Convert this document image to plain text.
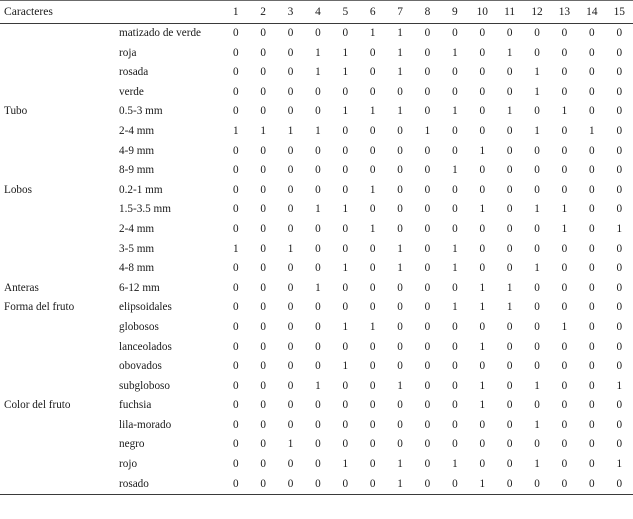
Caracteres		1	2	3	4	5	6	7	8	9	10	11	12	13	14	15
	matizado de verde	0	0	0	0	0	1	1	0	0	0	0	0	0	0	0
	roja	0	0	0	1	1	0	1	0	1	0	1	0	0	0	0
	rosada	0	0	0	1	1	0	1	0	0	0	0	1	0	0	0
	verde	0	0	0	0	0	0	0	0	0	0	0	1	0	0	0
Tubo	0.5-3 mm	0	0	0	0	1	1	1	0	1	0	1	0	1	0	0
	2-4 mm	1	1	1	1	0	0	0	1	0	0	0	1	0	1	0
	4-9 mm	0	0	0	0	0	0	0	0	0	1	0	0	0	0	0
	8-9 mm	0	0	0	0	0	0	0	0	1	0	0	0	0	0	0
Lobos	0.2-1 mm	0	0	0	0	0	1	0	0	0	0	0	0	0	0	0
	1.5-3.5 mm	0	0	0	1	1	0	0	0	0	1	0	1	1	0	0
	2-4 mm	0	0	0	0	0	1	0	0	0	0	0	0	1	0	1
	3-5 mm	1	0	1	0	0	0	1	0	1	0	0	0	0	0	0
	4-8 mm	0	0	0	0	1	0	1	0	1	0	0	1	0	0	0
Anteras	6-12 mm	0	0	0	1	0	0	0	0	0	1	1	0	0	0	0
Forma del fruto	elipsoidales	0	0	0	0	0	0	0	0	1	1	1	0	0	0	0
	globosos	0	0	0	0	1	1	0	0	0	0	0	0	1	0	0
	lanceolados	0	0	0	0	0	0	0	0	0	1	0	0	0	0	0
	obovados	0	0	0	0	1	0	0	0	0	0	0	0	0	0	0
	subgloboso	0	0	0	1	0	0	1	0	0	1	0	1	0	0	1
Color del fruto	fuchsia	0	0	0	0	0	0	0	0	0	1	0	0	0	0	0
	lila-morado	0	0	0	0	0	0	0	0	0	0	0	1	0	0	0
	negro	0	0	1	0	0	0	0	0	0	0	0	0	0	0	0
	rojo	0	0	0	0	1	0	1	0	1	0	0	1	0	0	1
	rosado	0	0	0	0	0	0	1	0	0	1	0	0	0	0	0
